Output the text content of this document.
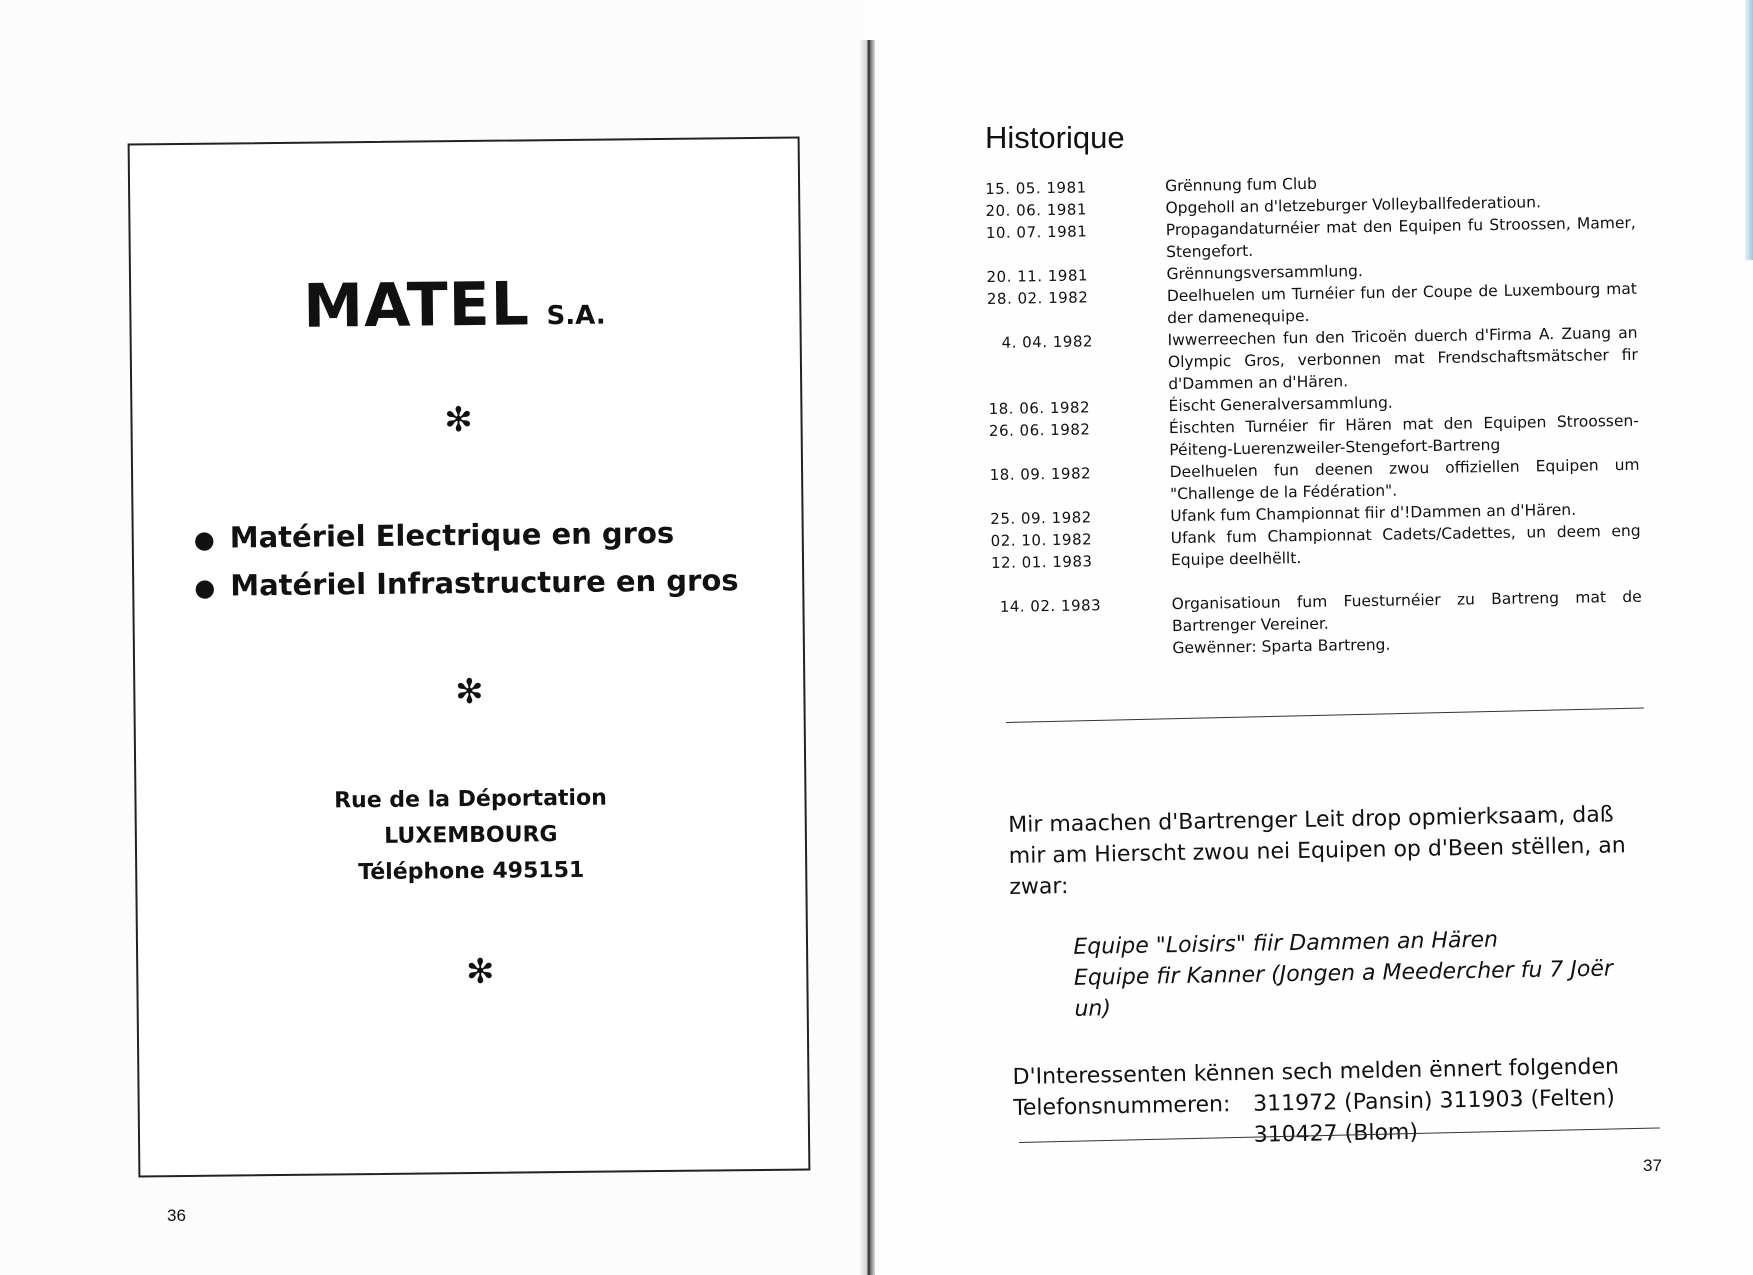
MATEL S.A.
✻
● Matériel Electrique en gros
● Matériel Infrastructure en gros
✻
Rue de la Déportation
LUXEMBOURG
Téléphone 495151
✻
36
Historique
15. 05. 1981	Grënnung fum Club
20. 06. 1981	Opgeholl an d'letzeburger Volleyballfederatioun.
10. 07. 1981	Propagandaturnéier mat den Equipen fu Stroossen, Mamer, Stengefort.
20. 11. 1981	Grënnungsversammlung.
28. 02. 1982	Deelhuelen um Turnéier fun der Coupe de Luxembourg mat der damenequipe.
4. 04. 1982	Iwwerreechen fun den Tricoën duerch d'Firma A. Zuang an Olympic Gros, verbonnen mat Frendschaftsmätscher fir d'Dammen an d'Hären.
18. 06. 1982	Éischt Generalversammlung.
26. 06. 1982	Éischten Turnéier fir Hären mat den Equipen Stroossen-Péiteng-Luerenzweiler-Stengefort-Bartreng
18. 09. 1982	Deelhuelen fun deenen zwou offiziellen Equipen um "Challenge de la Fédération".
25. 09. 1982	Ufank fum Championnat fiir d'!Dammen an d'Hären.
02. 10. 1982	Ufank fum Championnat Cadets/Cadettes, un deem eng Equipe deelhëllt.
12. 01. 1983
14. 02. 1983	Organisatioun fum Fuesturnéier zu Bartreng mat de Bartrenger Vereiner.
Gewënner: Sparta Bartreng.
Mir maachen d'Bartrenger Leit drop opmierksaam, daß mir am Hierscht zwou nei Equipen op d'Been stëllen, an zwar:
Equipe "Loisirs" fiir Dammen an Hären
Equipe fir Kanner (Jongen a Meedercher fu 7 Joër un)
D'Interessenten kënnen sech melden ënnert folgenden
Telefonsnummeren:	311972 (Pansin) 311903 (Felten)
310427 (Blom)
37
